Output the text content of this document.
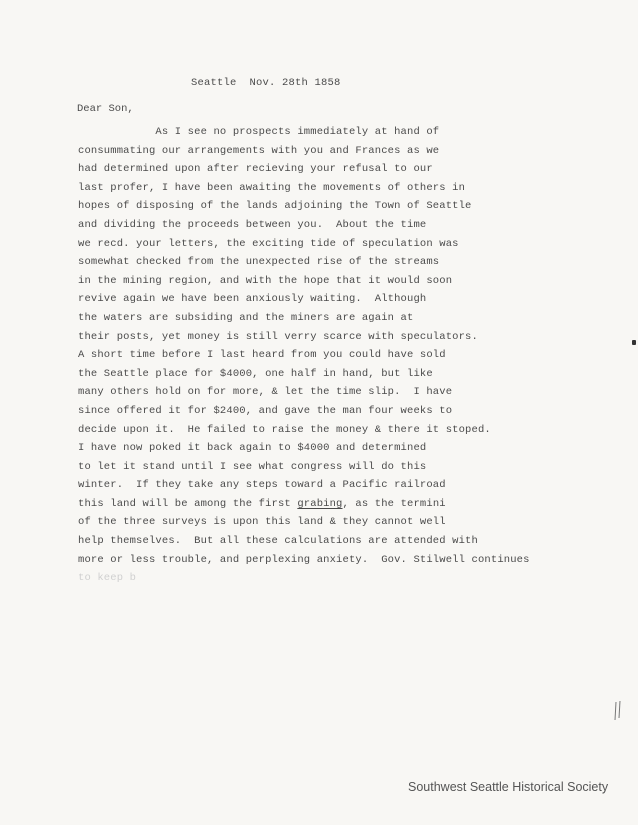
Seattle  Nov. 28th 1858
Dear Son,
As I see no prospects immediately at hand of
consummating our arrangements with you and Frances as we
had determined upon after recieving your refusal to our
last profer, I have been awaiting the movements of others in
hopes of disposing of the lands adjoining the Town of Seattle
and dividing the proceeds between you.  About the time
we recd. your letters, the exciting tide of speculation was
somewhat checked from the unexpected rise of the streams
in the mining region, and with the hope that it would soon
revive again we have been anxiously waiting.  Although
the waters are subsiding and the miners are again at
their posts, yet money is still verry scarce with speculators.
A short time before I last heard from you could have sold
the Seattle place for $4000, one half in hand, but like
many others hold on for more, & let the time slip.  I have
since offered it for $2400, and gave the man four weeks to
decide upon it.  He failed to raise the money & there it stoped.
I have now poked it back again to $4000 and determined
to let it stand until I see what congress will do this
winter.  If they take any steps toward a Pacific railroad
this land will be among the first grabing, as the termini
of the three surveys is upon this land & they cannot well
help themselves.  But all these calculations are attended with
more or less trouble, and perplexing anxiety.  Gov. Stilwell continues
to keep b
Southwest Seattle Historical Society
